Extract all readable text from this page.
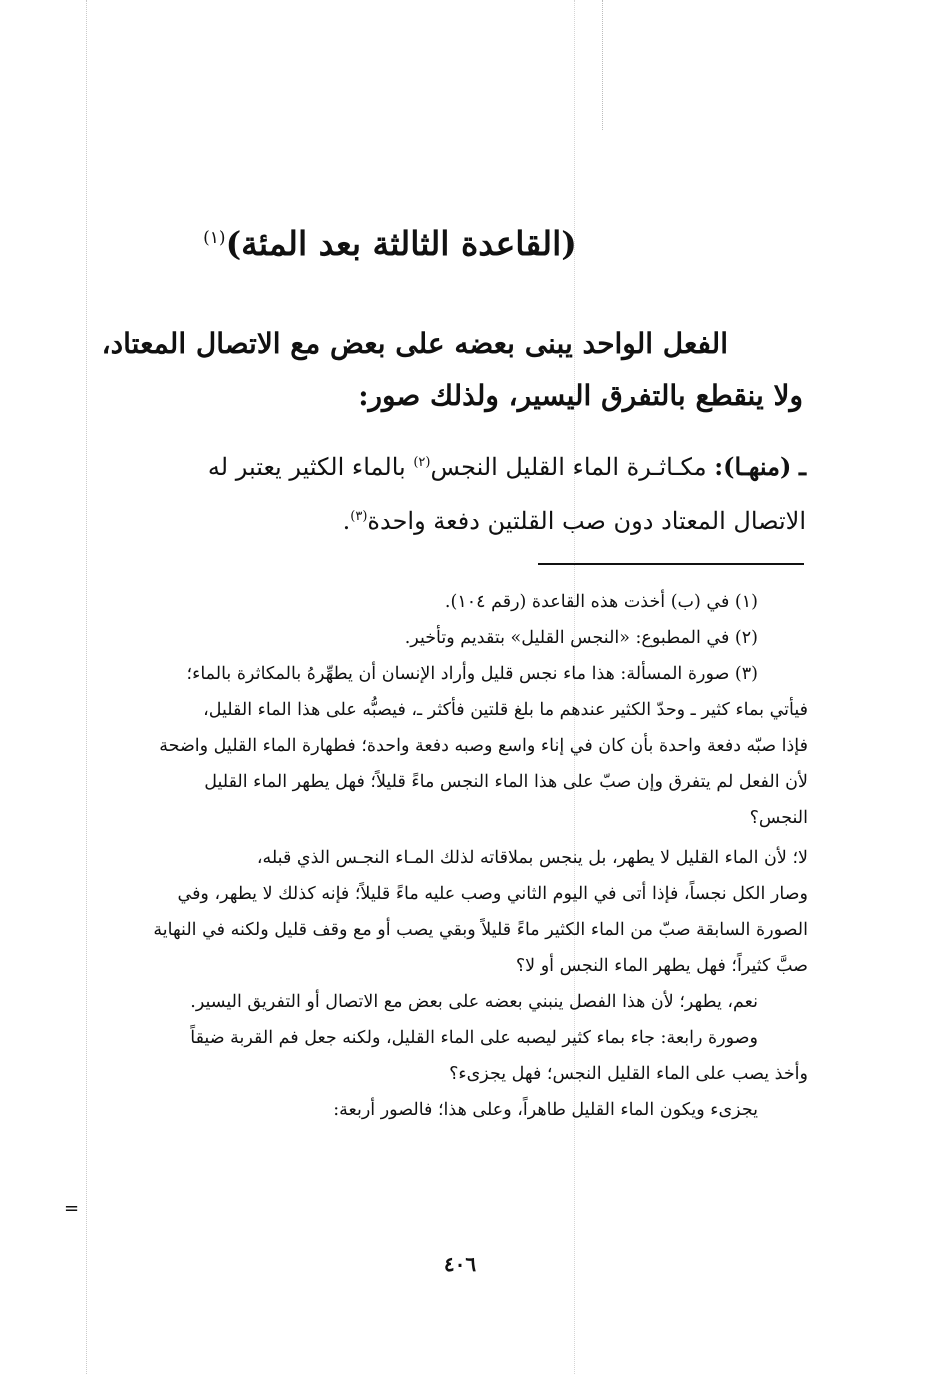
(القاعدة الثالثة بعد المئة)$^{(١)}$
الفعل الواحد يبنى بعضه على بعض مع الاتصال المعتاد،
ولا ينقطع بالتفرق اليسير، ولذلك صور:
ـ (منهـا): مكـاثـرة الماء القليل النجس$^{(٢)}$ بالماء الكثير يعتبر له
الاتصال المعتاد دون صب القلتين دفعة واحدة$^{(٣)}$.
(١) في (ب) أخذت هذه القاعدة (رقم ١٠٤).
(٢) في المطبوع: «النجس القليل» بتقديم وتأخير.
(٣) صورة المسألة: هذا ماء نجس قليل وأراد الإنسان أن يطهِّرهُ بالمكاثرة بالماء؛
فيأتي بماء كثير ـ وحدّ الكثير عندهم ما بلغ قلتين فأكثر ـ، فيصبُّه على هذا الماء القليل،
فإذا صبّه دفعة واحدة بأن كان في إناء واسع وصبه دفعة واحدة؛ فطهارة الماء القليل واضحة
لأن الفعل لم يتفرق وإن صبّ على هذا الماء النجس ماءً قليلاً؛ فهل يطهر الماء القليل
النجس؟
لا؛ لأن الماء القليل لا يطهر، بل ينجس بملاقاته لذلك المـاء النجـس الذي قبله،
وصار الكل نجساً، فإذا أتى في اليوم الثاني وصب عليه ماءً قليلاً؛ فإنه كذلك لا يطهر، وفي
الصورة السابقة صبّ من الماء الكثير ماءً قليلاً وبقي يصب أو مع وقف قليل ولكنه في النهاية
صبَّ كثيراً؛ فهل يطهر الماء النجس أو لا؟
نعم، يطهر؛ لأن هذا الفصل ينبني بعضه على بعض مع الاتصال أو التفريق اليسير.
وصورة رابعة: جاء بماء كثير ليصبه على الماء القليل، ولكنه جعل فم القربة ضيقاً
وأخذ يصب على الماء القليل النجس؛ فهل يجزىء؟
يجزىء ويكون الماء القليل طاهراً، وعلى هذا؛ فالصور أربعة:
=
٤٠٦
